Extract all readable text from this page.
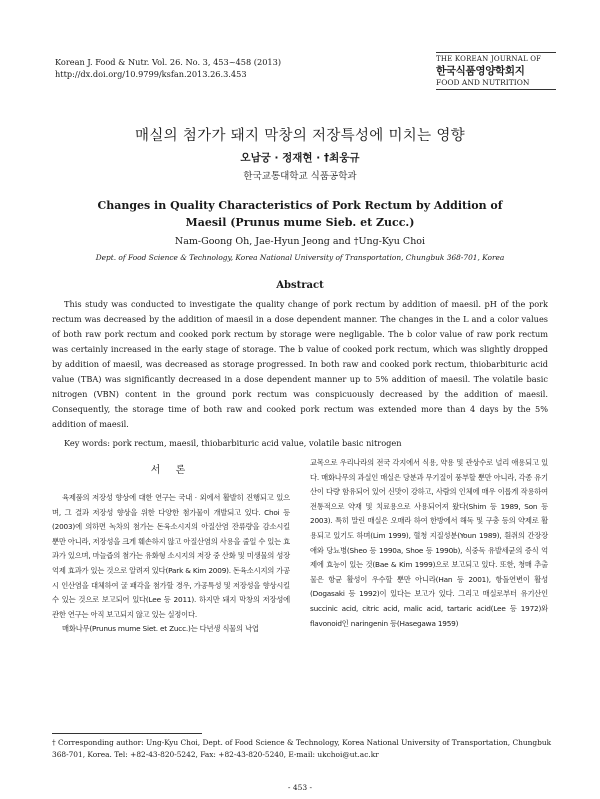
Korean J. Food & Nutr. Vol. 26. No. 3, 453~458 (2013)
http://dx.doi.org/10.9799/ksfan.2013.26.3.453
THE KOREAN JOURNAL OF
한국식품영양학회지
FOOD AND NUTRITION
매실의 첨가가 돼지 막창의 저장특성에 미치는 영향
오남궁 · 정재현 · †최웅규
한국교통대학교 식품공학과
Changes in Quality Characteristics of Pork Rectum by Addition of
Maesil (Prunus mume Sieb. et Zucc.)
Nam-Goong Oh, Jae-Hyun Jeong and †Ung-Kyu Choi
Dept. of Food Science & Technology, Korea National University of Transportation, Chungbuk 368-701, Korea
Abstract

This study was conducted to investigate the quality change of pork rectum by addition of maesil. pH of the pork rectum was decreased by the addition of maesil in a dose dependent manner. The changes in the L and a color values of both raw pork rectum and cooked pork rectum by storage were negligable. The b color value of raw pork rectum was certainly increased in the early stage of storage. The b value of cooked pork rectum, which was slightly dropped by addition of maesil, was decreased as storage progressed. In both raw and cooked pork rectum, thiobarbituric acid value (TBA) was significantly decreased in a dose dependent manner up to 5% addition of maesil. The volatile basic nitrogen (VBN) content in the ground pork rectum was conspicuously decreased by the addition of maesil. Consequently, the storage time of both raw and cooked pork rectum was extended more than 4 days by the 5% addition of maesil.

Key words: pork rectum, maesil, thiobarbituric acid value, volatile basic nitrogen
서 론

육제품의 저장성 향상에 대한 연구는 국내 · 외에서 활발히 진행되고 있으며, 그 결과 저장성 향상을 위한 다양한 첨가물이 개발되고 있다. Choi 등(2003)에 의하면 녹차의 첨가는 돈육소시지의 아질산염 잔류량을 감소시킬 뿐만 아니라, 저장성을 크게 훼손하지 않고 아질산염의 사용을 줄일 수 있는 효과가 있으며, 마늘즙의 첨가는 유화형 소시지의 저장 중 산화 및 미생물의 성장 억제 효과가 있는 것으로 알려져 있다(Park & Kim 2009). 돈육소시지의 가공시 인산염을 대체하여 굴 패각을 첨가할 경우, 가공특성 및 저장성을 향상시킬 수 있는 것으로 보고되어 있다(Lee 등 2011). 하지만 돼지 막창의 저장성에 관한 연구는 아직 보고되지 않고 있는 실정이다.

매화나무(Prunus mume Siet. et Zucc.)는 다년생 식물의 낙엽

교목으로 우리나라의 전국 각지에서 식용, 약용 및 관상수로 널리 애용되고 있다. 매화나무의 과실인 매실은 당분과 무기질이 풍부할 뿐만 아니라, 각종 유기산이 다량 함유되어 있어 신맛이 강하고, 사람의 인체에 매우 이롭게 작용하여 전통적으로 약재 및 치료용으로 사용되어져 왔다(Shim 등 1989, Son 등 2003). 특히 말린 매실은 오매라 하여 한방에서 해독 및 구충 등의 약제로 활용되고 있기도 하며(Lim 1999), 혈청 지질성분(Youn 1989), 흰쥐의 간장장애와 당뇨병(Sheo 등 1990a, Shoe 등 1990b), 식중독 유발세균의 증식 억제에 효능이 있는 것(Bae & Kim 1999)으로 보고되고 있다. 또한, 청매 추출물은 항균 활성이 우수할 뿐만 아니라(Han 등 2001), 항돌연변이 활성(Dogasaki 등 1992)이 있다는 보고가 있다. 그리고 매실로부터 유기산인 succinic acid, citric acid, malic acid, tartaric acid(Lee 등 1972)와 flavonoid인 naringenin 등(Hasegawa 1959)

† Corresponding author: Ung-Kyu Choi, Dept. of Food Science & Technology, Korea National University of Transportation, Chungbuk 368-701, Korea. Tel: +82-43-820-5242, Fax: +82-43-820-5240, E-mail: ukchoi@ut.ac.kr
- 453 -
